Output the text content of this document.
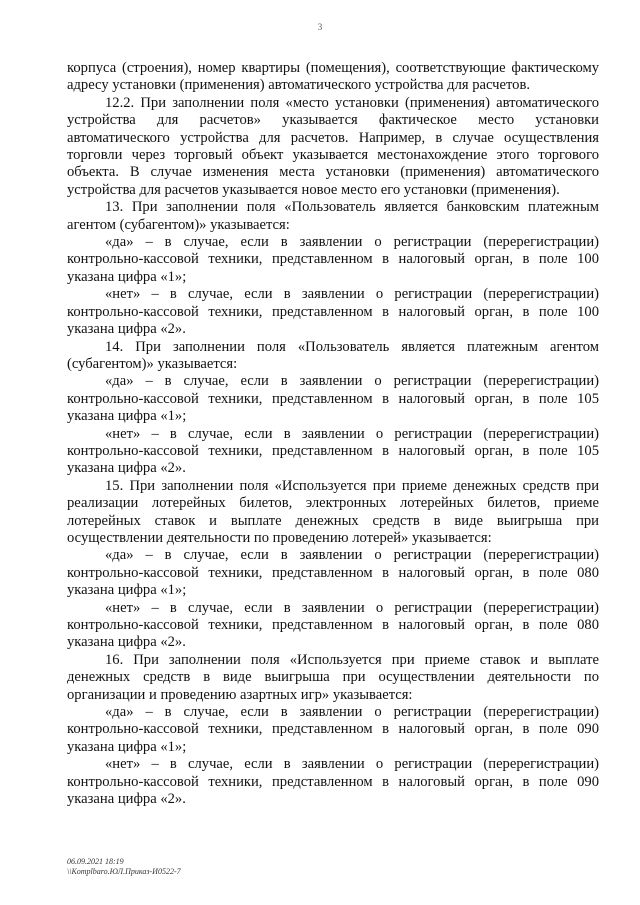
3

корпуса (строения), номер квартиры (помещения), соответствующие фактическому адресу установки (применения) автоматического устройства для расчетов.

12.2. При заполнении поля «место установки (применения) автоматического устройства для расчетов» указывается фактическое место установки автоматического устройства для расчетов. Например, в случае осуществления торговли через торговый объект указывается местонахождение этого торгового объекта. В случае изменения места установки (применения) автоматического устройства для расчетов указывается новое место его установки (применения).

13. При заполнении поля «Пользователь является банковским платежным агентом (субагентом)» указывается:

«да» – в случае, если в заявлении о регистрации (перерегистрации) контрольно-кассовой техники, представленном в налоговый орган, в поле 100 указана цифра «1»;

«нет» – в случае, если в заявлении о регистрации (перерегистрации) контрольно-кассовой техники, представленном в налоговый орган, в поле 100 указана цифра «2».

14. При заполнении поля «Пользователь является платежным агентом (субагентом)» указывается:

«да» – в случае, если в заявлении о регистрации (перерегистрации) контрольно-кассовой техники, представленном в налоговый орган, в поле 105 указана цифра «1»;

«нет» – в случае, если в заявлении о регистрации (перерегистрации) контрольно-кассовой техники, представленном в налоговый орган, в поле 105 указана цифра «2».

15. При заполнении поля «Используется при приеме денежных средств при реализации лотерейных билетов, электронных лотерейных билетов, приеме лотерейных ставок и выплате денежных средств в виде выигрыша при осуществлении деятельности по проведению лотерей» указывается:

«да» – в случае, если в заявлении о регистрации (перерегистрации) контрольно-кассовой техники, представленном в налоговый орган, в поле 080 указана цифра «1»;

«нет» – в случае, если в заявлении о регистрации (перерегистрации) контрольно-кассовой техники, представленном в налоговый орган, в поле 080 указана цифра «2».

16. При заполнении поля «Используется при приеме ставок и выплате денежных средств в виде выигрыша при осуществлении деятельности по организации и проведению азартных игр» указывается:

«да» – в случае, если в заявлении о регистрации (перерегистрации) контрольно-кассовой техники, представленном в налоговый орган, в поле 090 указана цифра «1»;

«нет» – в случае, если в заявлении о регистрации (перерегистрации) контрольно-кассовой техники, представленном в налоговый орган, в поле 090 указана цифра «2».

06.09.2021 18:19
\\Komplbaro.ЮЛ.Приказ-И0522-7
